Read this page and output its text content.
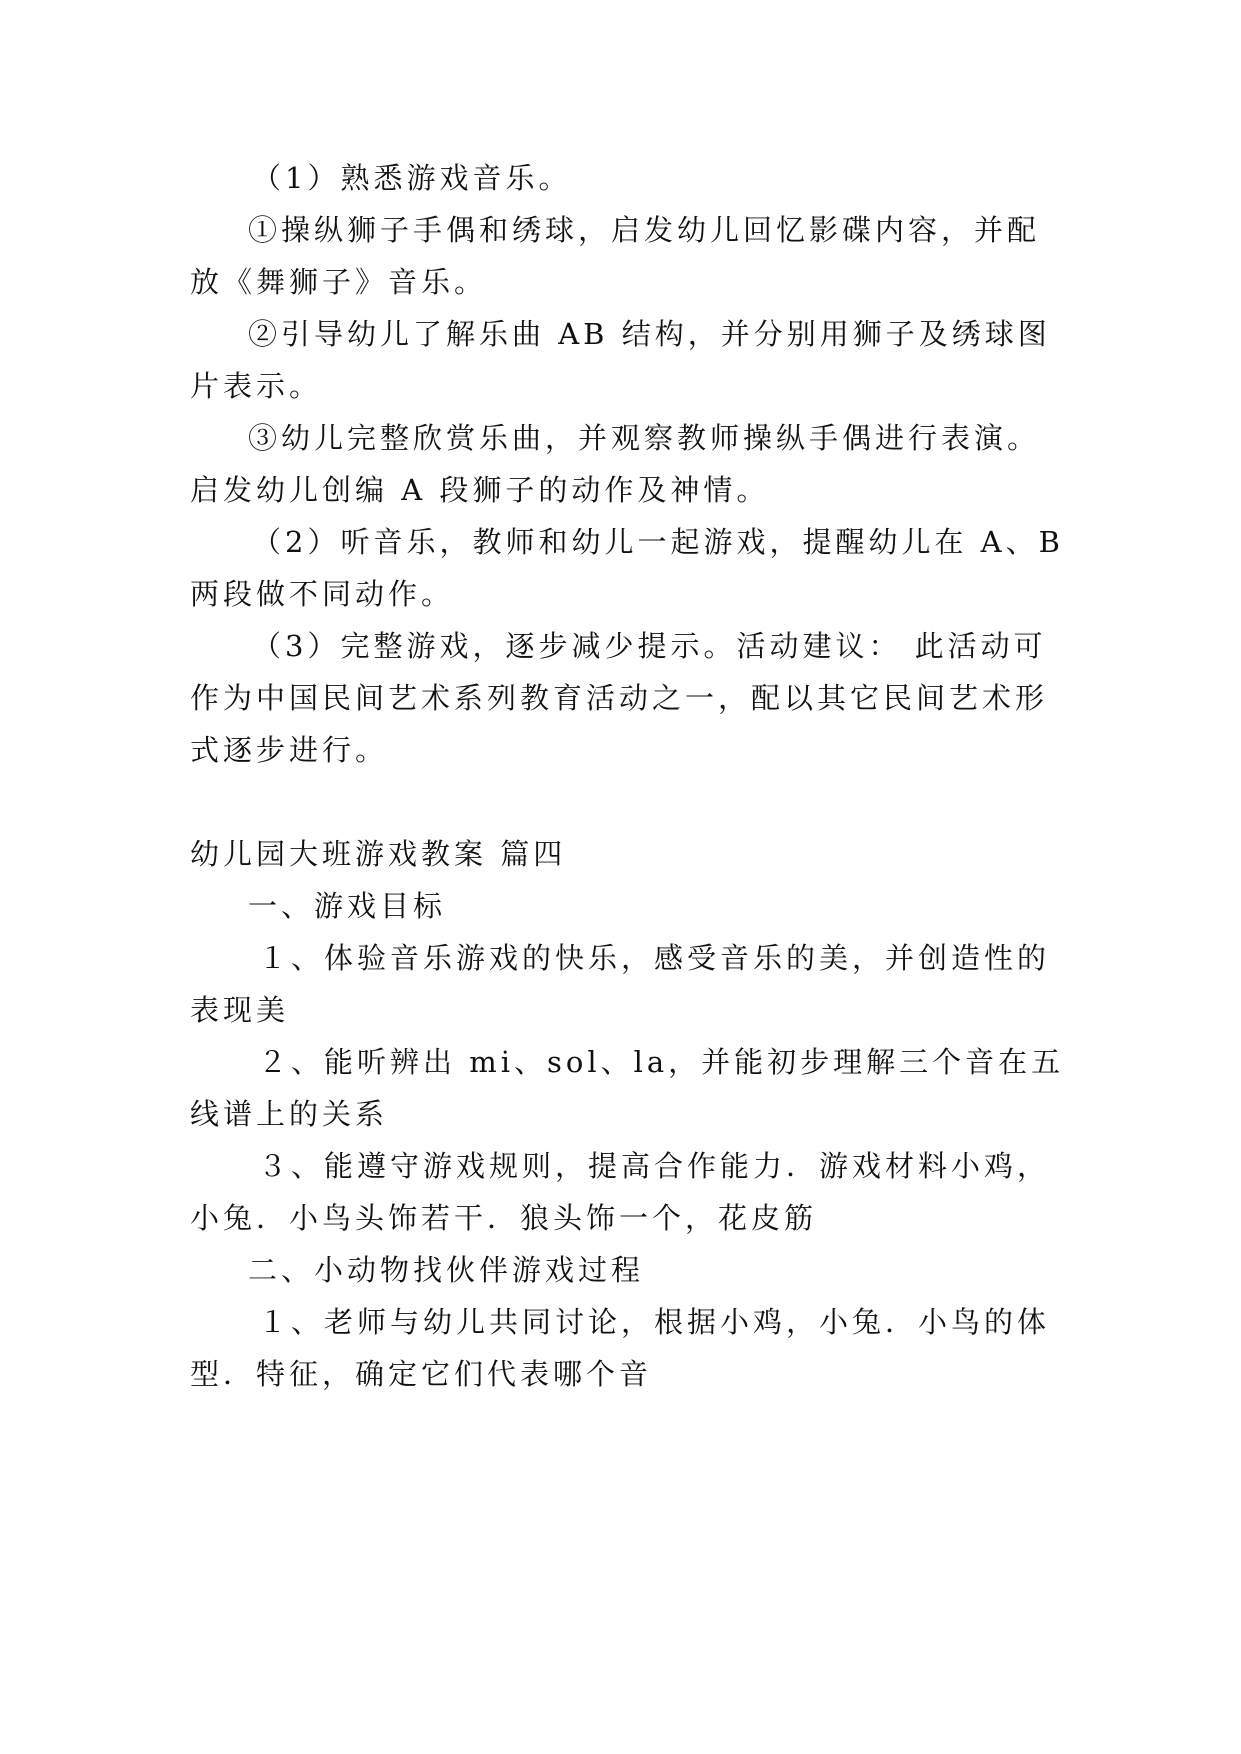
（1）熟悉游戏音乐。
①操纵狮子手偶和绣球，启发幼儿回忆影碟内容，并配
放《舞狮子》音乐。
②引导幼儿了解乐曲 AB 结构，并分别用狮子及绣球图
片表示。
③幼儿完整欣赏乐曲，并观察教师操纵手偶进行表演。
启发幼儿创编 A 段狮子的动作及神情。
（2）听音乐，教师和幼儿一起游戏，提醒幼儿在 A、B
两段做不同动作。
（3）完整游戏，逐步减少提示。活动建议： 此活动可
作为中国民间艺术系列教育活动之一，配以其它民间艺术形
式逐步进行。
幼儿园大班游戏教案 篇四
一、游戏目标
１、体验音乐游戏的快乐，感受音乐的美，并创造性的
表现美
２、能听辨出 mi、sol、la，并能初步理解三个音在五
线谱上的关系
３、能遵守游戏规则，提高合作能力．游戏材料小鸡，
小兔．小鸟头饰若干．狼头饰一个，花皮筋
二、小动物找伙伴游戏过程
１、老师与幼儿共同讨论，根据小鸡，小兔．小鸟的体
型．特征，确定它们代表哪个音
